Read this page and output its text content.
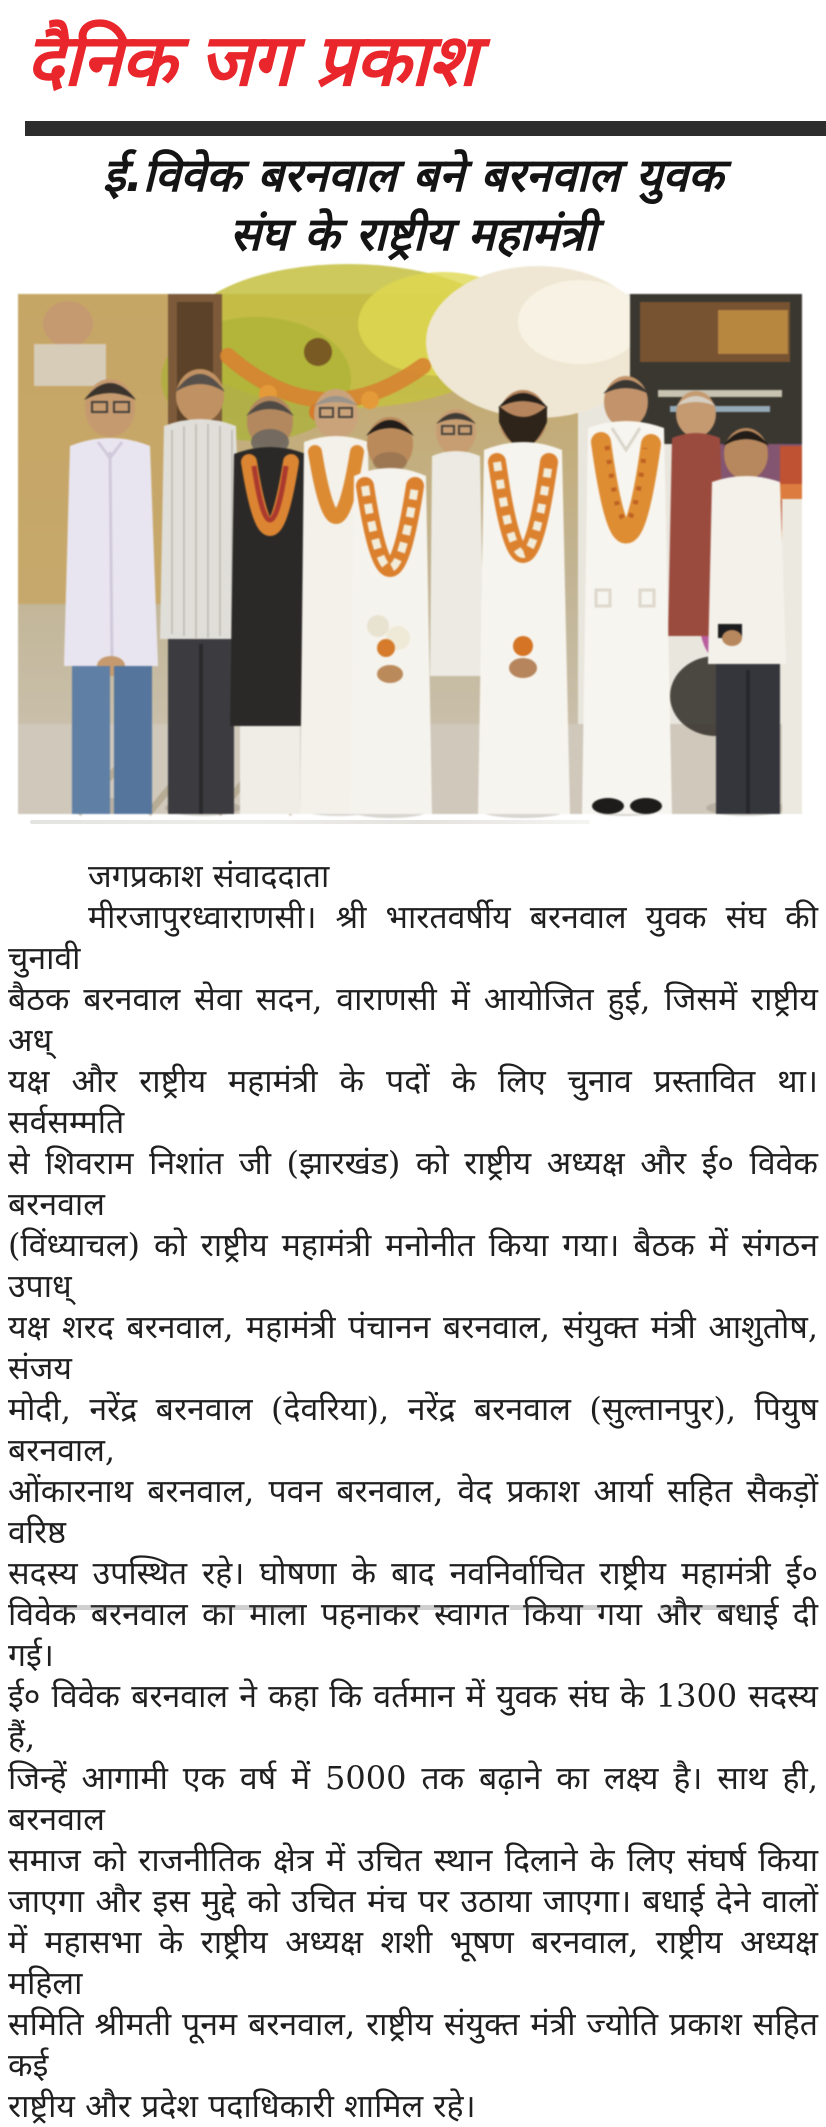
दैनिक जग प्रकाश
ई.विवेक बरनवाल बने बरनवाल युवक
संघ के राष्ट्रीय महामंत्री
जगप्रकाश संवाददाता
मीरजापुरध्वाराणसी। श्री भारतवर्षीय बरनवाल युवक संघ की चुनावी
बैठक बरनवाल सेवा सदन, वाराणसी में आयोजित हुई, जिसमें राष्ट्रीय अध्
यक्ष और राष्ट्रीय महामंत्री के पदों के लिए चुनाव प्रस्तावित था। सर्वसम्मति
से शिवराम निशांत जी (झारखंड) को राष्ट्रीय अध्यक्ष और ई० विवेक बरनवाल
(विंध्याचल) को राष्ट्रीय महामंत्री मनोनीत किया गया। बैठक में संगठन उपाध्
यक्ष शरद बरनवाल, महामंत्री पंचानन बरनवाल, संयुक्त मंत्री आशुतोष, संजय
मोदी, नरेंद्र बरनवाल (देवरिया), नरेंद्र बरनवाल (सुल्तानपुर), पियुष बरनवाल,
ओंकारनाथ बरनवाल, पवन बरनवाल, वेद प्रकाश आर्या सहित सैकड़ों वरिष्ठ
सदस्य उपस्थित रहे। घोषणा के बाद नवनिर्वाचित राष्ट्रीय महामंत्री ई०
विवेक बरनवाल का माला पहनाकर स्वागत किया गया और बधाई दी गई।
ई० विवेक बरनवाल ने कहा कि वर्तमान में युवक संघ के 1300 सदस्य हैं,
जिन्हें आगामी एक वर्ष में 5000 तक बढ़ाने का लक्ष्य है। साथ ही, बरनवाल
समाज को राजनीतिक क्षेत्र में उचित स्थान दिलाने के लिए संघर्ष किया
जाएगा और इस मुद्दे को उचित मंच पर उठाया जाएगा। बधाई देने वालों
में महासभा के राष्ट्रीय अध्यक्ष शशी भूषण बरनवाल, राष्ट्रीय अध्यक्ष महिला
समिति श्रीमती पूनम बरनवाल, राष्ट्रीय संयुक्त मंत्री ज्योति प्रकाश सहित कई
राष्ट्रीय और प्रदेश पदाधिकारी शामिल रहे।
